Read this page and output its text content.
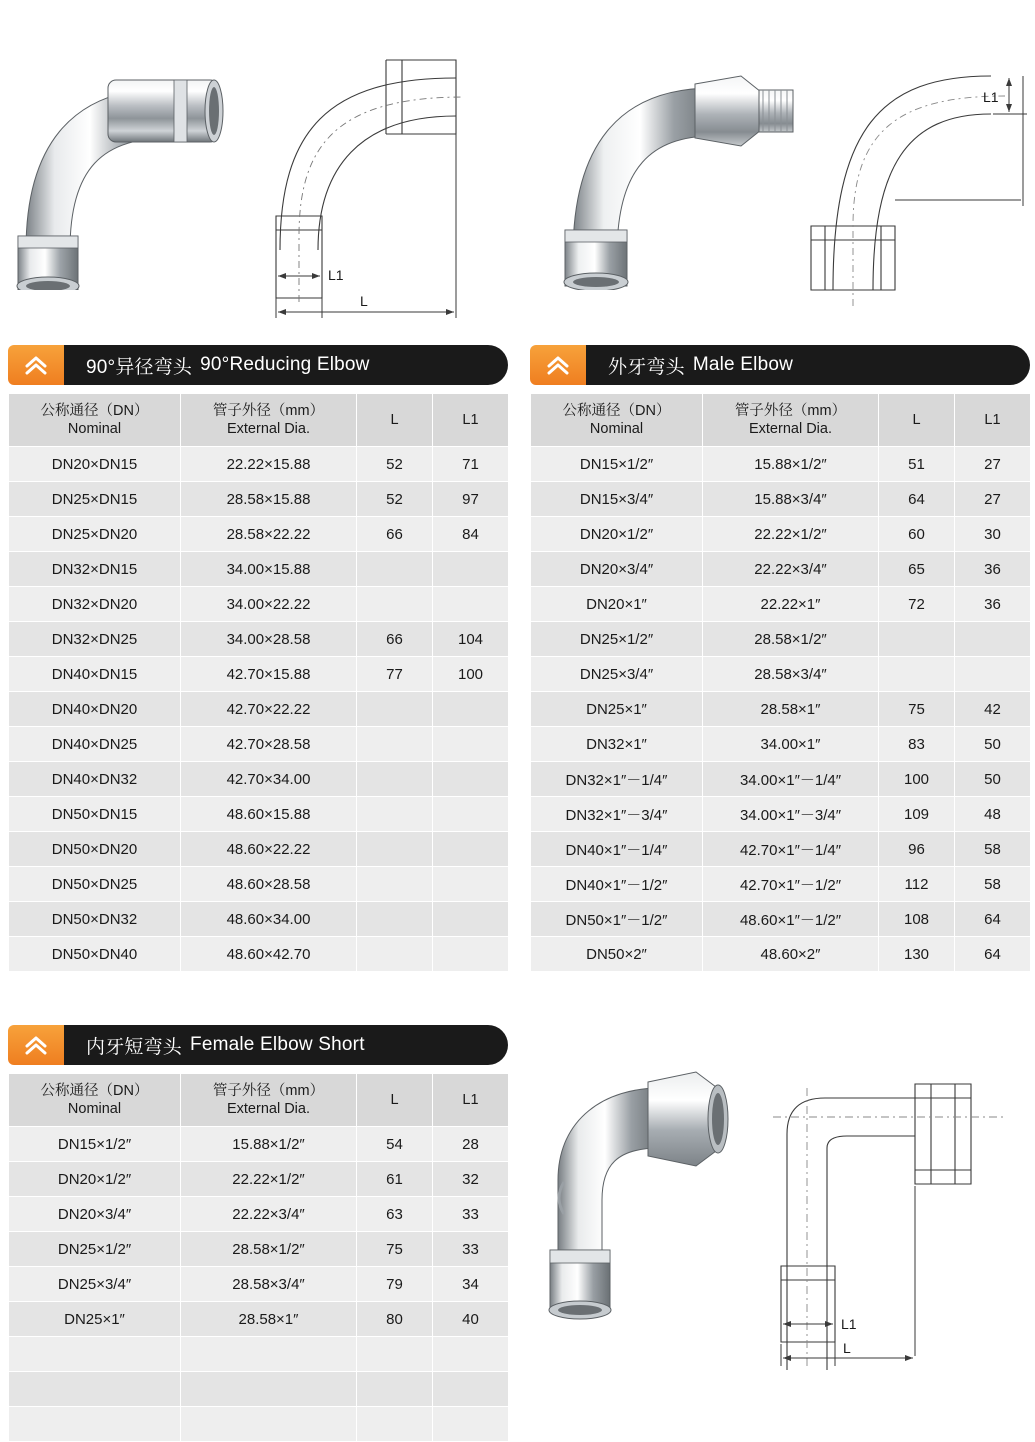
L1
L
L1
90°异径弯头 90°Reducing Elbow
公称通径（DN）
Nominal	管子外径（mm）
External Dia.	L	L1
DN20×DN15	22.22×15.88	52	71
DN25×DN15	28.58×15.88	52	97
DN25×DN20	28.58×22.22	66	84
DN32×DN15	34.00×15.88		
DN32×DN20	34.00×22.22		
DN32×DN25	34.00×28.58	66	104
DN40×DN15	42.70×15.88	77	100
DN40×DN20	42.70×22.22		
DN40×DN25	42.70×28.58		
DN40×DN32	42.70×34.00		
DN50×DN15	48.60×15.88		
DN50×DN20	48.60×22.22		
DN50×DN25	48.60×28.58		
DN50×DN32	48.60×34.00		
DN50×DN40	48.60×42.70		
外牙弯头 Male Elbow
公称通径（DN）
Nominal	管子外径（mm）
External Dia.	L	L1
DN15×1/2″	15.88×1/2″	51	27
DN15×3/4″	15.88×3/4″	64	27
DN20×1/2″	22.22×1/2″	60	30
DN20×3/4″	22.22×3/4″	65	36
DN20×1″	22.22×1″	72	36
DN25×1/2″	28.58×1/2″		
DN25×3/4″	28.58×3/4″		
DN25×1″	28.58×1″	75	42
DN32×1″	34.00×1″	83	50
DN32×1″－1/4″	34.00×1″－1/4″	100	50
DN32×1″－3/4″	34.00×1″－3/4″	109	48
DN40×1″－1/4″	42.70×1″－1/4″	96	58
DN40×1″－1/2″	42.70×1″－1/2″	112	58
DN50×1″－1/2″	48.60×1″－1/2″	108	64
DN50×2″	48.60×2″	130	64
内牙短弯头 Female Elbow Short
公称通径（DN）
Nominal	管子外径（mm）
External Dia.	L	L1
DN15×1/2″	15.88×1/2″	54	28
DN20×1/2″	22.22×1/2″	61	32
DN20×3/4″	22.22×3/4″	63	33
DN25×1/2″	28.58×1/2″	75	33
DN25×3/4″	28.58×3/4″	79	34
DN25×1″	28.58×1″	80	40

				L1
L
